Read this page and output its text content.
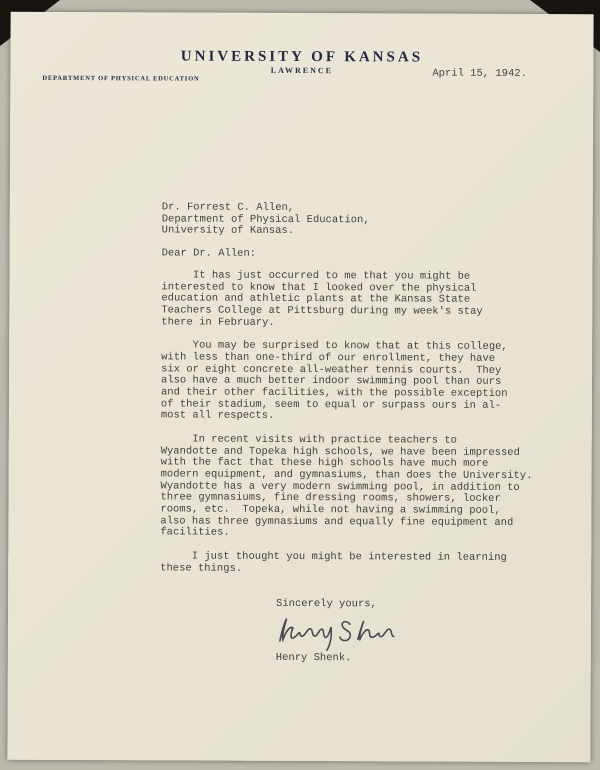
UNIVERSITY OF KANSAS
LAWRENCE
DEPARTMENT OF PHYSICAL EDUCATION	April 15, 1942.
Dr. Forrest C. Allen,
Department of Physical Education,
University of Kansas.
Dear Dr. Allen:

It has just occurred to me that you might be
interested to know that I looked over the physical
education and athletic plants at the Kansas State
Teachers College at Pittsburg during my week's stay
there in February.

You may be surprised to know that at this college,
with less than one-third of our enrollment, they have
six or eight concrete all-weather tennis courts.  They
also have a much better indoor swimming pool than ours
and their other facilities, with the possible exception
of their stadium, seem to equal or surpass ours in al-
most all respects.

In recent visits with practice teachers to
Wyandotte and Topeka high schools, we have been impressed
with the fact that these high schools have much more
modern equipment, and gymnasiums, than does the University.
Wyandotte has a very modern swimming pool, in addition to
three gymnasiums, fine dressing rooms, showers, locker
rooms, etc.  Topeka, while not having a swimming pool,
also has three gymnasiums and equally fine equipment and
facilities.

I just thought you might be interested in learning
these things.

Sincerely yours,
Henry Shenk.
